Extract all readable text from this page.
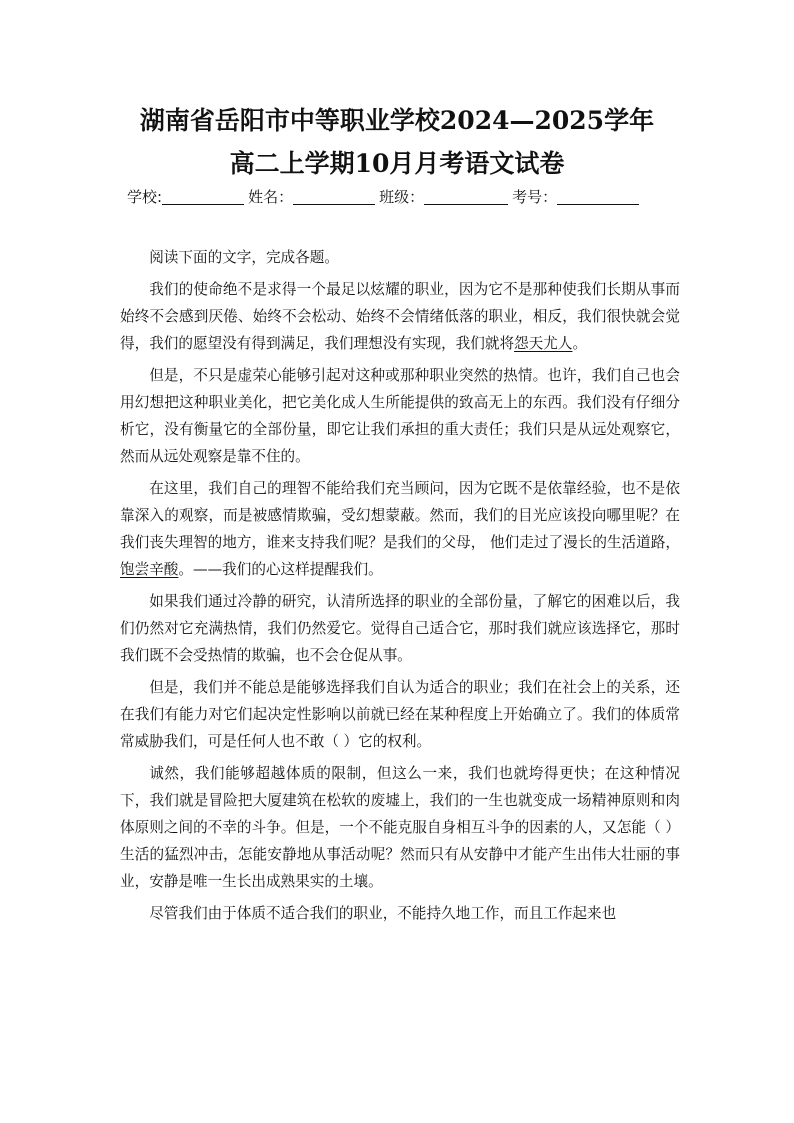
湖南省岳阳市中等职业学校2024—2025学年
高二上学期10月月考语文试卷
学校:	姓名：	班级：	考号：

阅读下面的文字，完成各题。

我们的使命绝不是求得一个最足以炫耀的职业，因为它不是那种使我们长期从事而始终不会感到厌倦、始终不会松动、始终不会情绪低落的职业，相反，我们很快就会觉得，我们的愿望没有得到满足，我们理想没有实现，我们就将怨天尤人。

但是，不只是虚荣心能够引起对这种或那种职业突然的热情。也许，我们自己也会用幻想把这种职业美化，把它美化成人生所能提供的致高无上的东西。我们没有仔细分析它，没有衡量它的全部份量，即它让我们承担的重大责任；我们只是从远处观察它，然而从远处观察是靠不住的。

在这里，我们自己的理智不能给我们充当顾问，因为它既不是依靠经验，也不是依靠深入的观察，而是被感情欺骗，受幻想蒙蔽。然而，我们的目光应该投向哪里呢？在我们丧失理智的地方，谁来支持我们呢？是我们的父母， 他们走过了漫长的生活道路， 饱尝辛酸。——我们的心这样提醒我们。

如果我们通过冷静的研究，认清所选择的职业的全部份量，了解它的困难以后，我们仍然对它充满热情，我们仍然爱它。觉得自己适合它，那时我们就应该选择它，那时我们既不会受热情的欺骗，也不会仓促从事。

但是，我们并不能总是能够选择我们自认为适合的职业；我们在社会上的关系，还在我们有能力对它们起决定性影响以前就已经在某种程度上开始确立了。我们的体质常常威胁我们，可是任何人也不敢（ ）它的权利。

诚然，我们能够超越体质的限制，但这么一来，我们也就垮得更快；在这种情况下，我们就是冒险把大厦建筑在松软的废墟上，我们的一生也就变成一场精神原则和肉体原则之间的不幸的斗争。但是，一个不能克服自身相互斗争的因素的人，又怎能（ ）生活的猛烈冲击，怎能安静地从事活动呢？然而只有从安静中才能产生出伟大壮丽的事业，安静是唯一生长出成熟果实的土壤。

尽管我们由于体质不适合我们的职业，不能持久地工作，而且工作起来也
